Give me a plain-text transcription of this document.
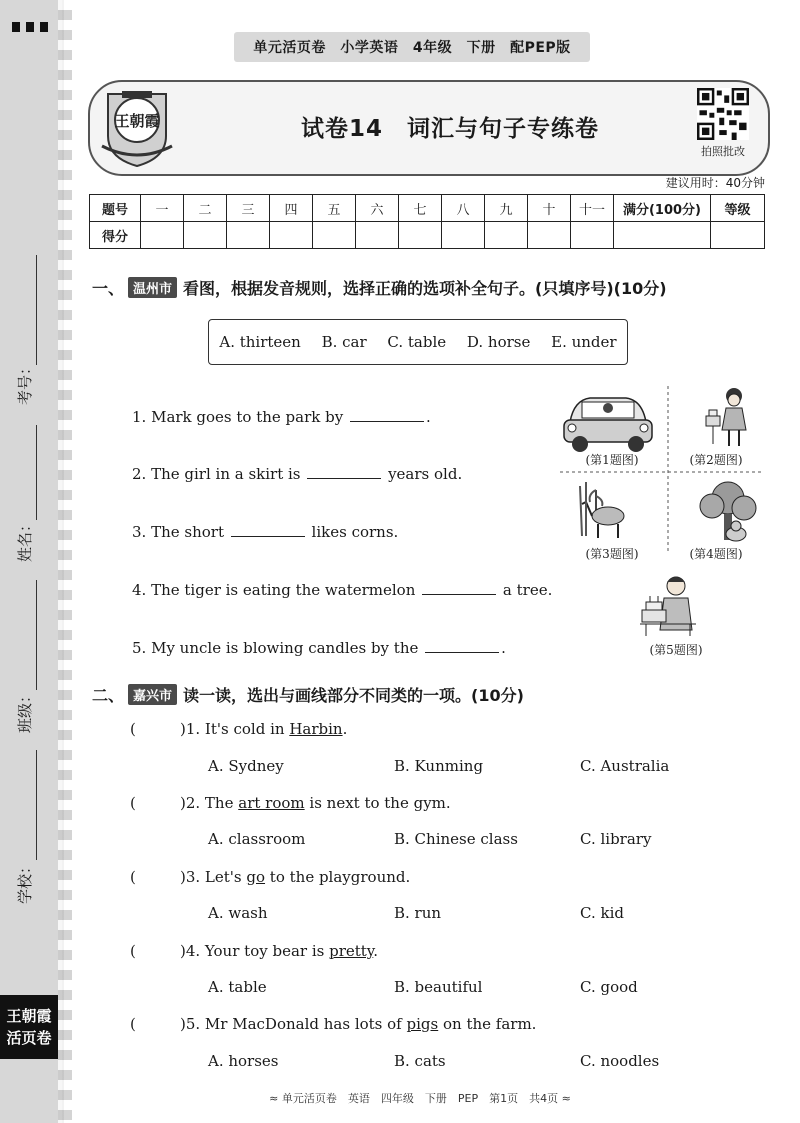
考号：
姓名：
班级：
学校：
王朝霞
活页卷
单元活页卷　小学英语　4年级　下册　配PEP版
王朝霞	试卷14　词汇与句子专练卷
拍照批改
建议用时：40分钟
题号	一	二	三	四	五	六	七	八	九	十	十一	满分(100分)	等级
得分													
一、 温州市 看图，根据发音规则，选择正确的选项补全句子。(只填序号)(10分)
A. thirteen B. car C. table D. horse E. under
1. Mark goes to the park by	.
2. The girl in a skirt is	years old.
3. The short	likes corns.
4. The tiger is eating the watermelon	a tree.
5. My uncle is blowing candles by the	.
(第1题图)	(第2题图)
(第3题图)	(第4题图)
(第5题图)
二、 嘉兴市 读一读，选出与画线部分不同类的一项。(10分)
(	)1. It's cold in Harbin.
A. Sydney	B. Kunming	C. Australia
(	)2. The art room is next to the gym.
A. classroom	B. Chinese class	C. library
(	)3. Let's go to the playground.
A. wash	B. run	C. kid
(	)4. Your toy bear is pretty.
A. table	B. beautiful	C. good
(	)5. Mr MacDonald has lots of pigs on the farm.
A. horses	B. cats	C. noodles
≈ 单元活页卷　英语　四年级　下册　PEP　第1页　共4页 ≈
